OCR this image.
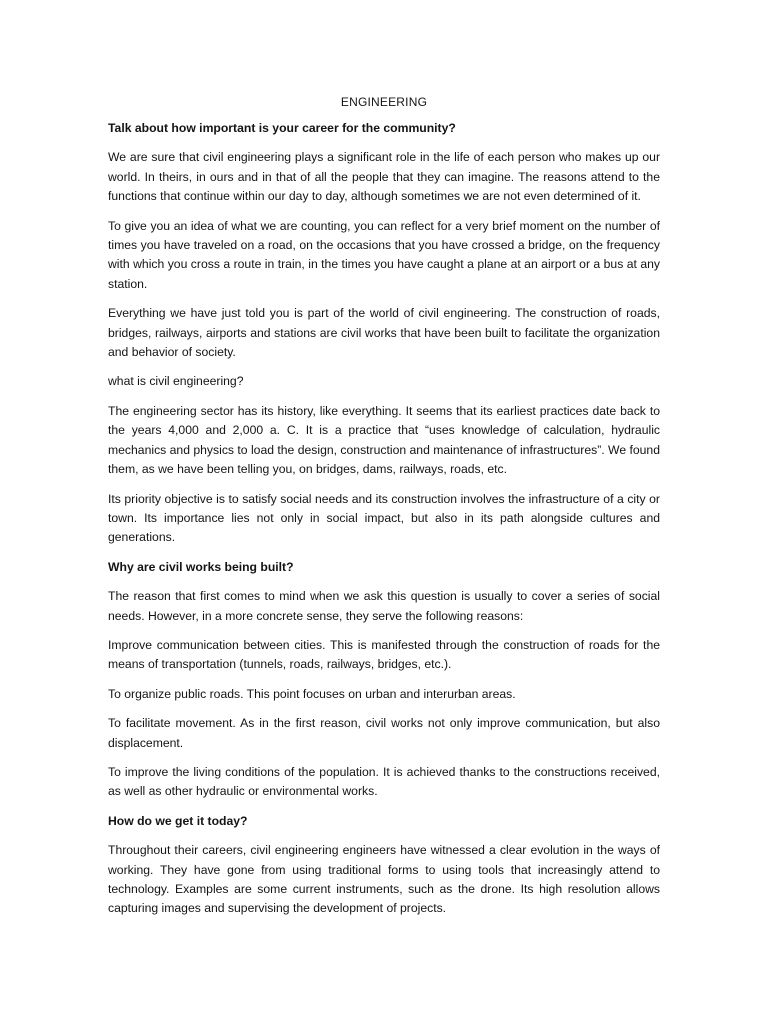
ENGINEERING
Talk about how important is your career for the community?
We are sure that civil engineering plays a significant role in the life of each person who makes up our world. In theirs, in ours and in that of all the people that they can imagine. The reasons attend to the functions that continue within our day to day, although sometimes we are not even determined of it.
To give you an idea of what we are counting, you can reflect for a very brief moment on the number of times you have traveled on a road, on the occasions that you have crossed a bridge, on the frequency with which you cross a route in train, in the times you have caught a plane at an airport or a bus at any station.
Everything we have just told you is part of the world of civil engineering. The construction of roads, bridges, railways, airports and stations are civil works that have been built to facilitate the organization and behavior of society.
what is civil engineering?
The engineering sector has its history, like everything. It seems that its earliest practices date back to the years 4,000 and 2,000 a. C. It is a practice that “uses knowledge of calculation, hydraulic mechanics and physics to load the design, construction and maintenance of infrastructures”. We found them, as we have been telling you, on bridges, dams, railways, roads, etc.
Its priority objective is to satisfy social needs and its construction involves the infrastructure of a city or town. Its importance lies not only in social impact, but also in its path alongside cultures and generations.
Why are civil works being built?
The reason that first comes to mind when we ask this question is usually to cover a series of social needs. However, in a more concrete sense, they serve the following reasons:
Improve communication between cities. This is manifested through the construction of roads for the means of transportation (tunnels, roads, railways, bridges, etc.).
To organize public roads. This point focuses on urban and interurban areas.
To facilitate movement. As in the first reason, civil works not only improve communication, but also displacement.
To improve the living conditions of the population. It is achieved thanks to the constructions received, as well as other hydraulic or environmental works.
How do we get it today?
Throughout their careers, civil engineering engineers have witnessed a clear evolution in the ways of working. They have gone from using traditional forms to using tools that increasingly attend to technology. Examples are some current instruments, such as the drone. Its high resolution allows capturing images and supervising the development of projects.
